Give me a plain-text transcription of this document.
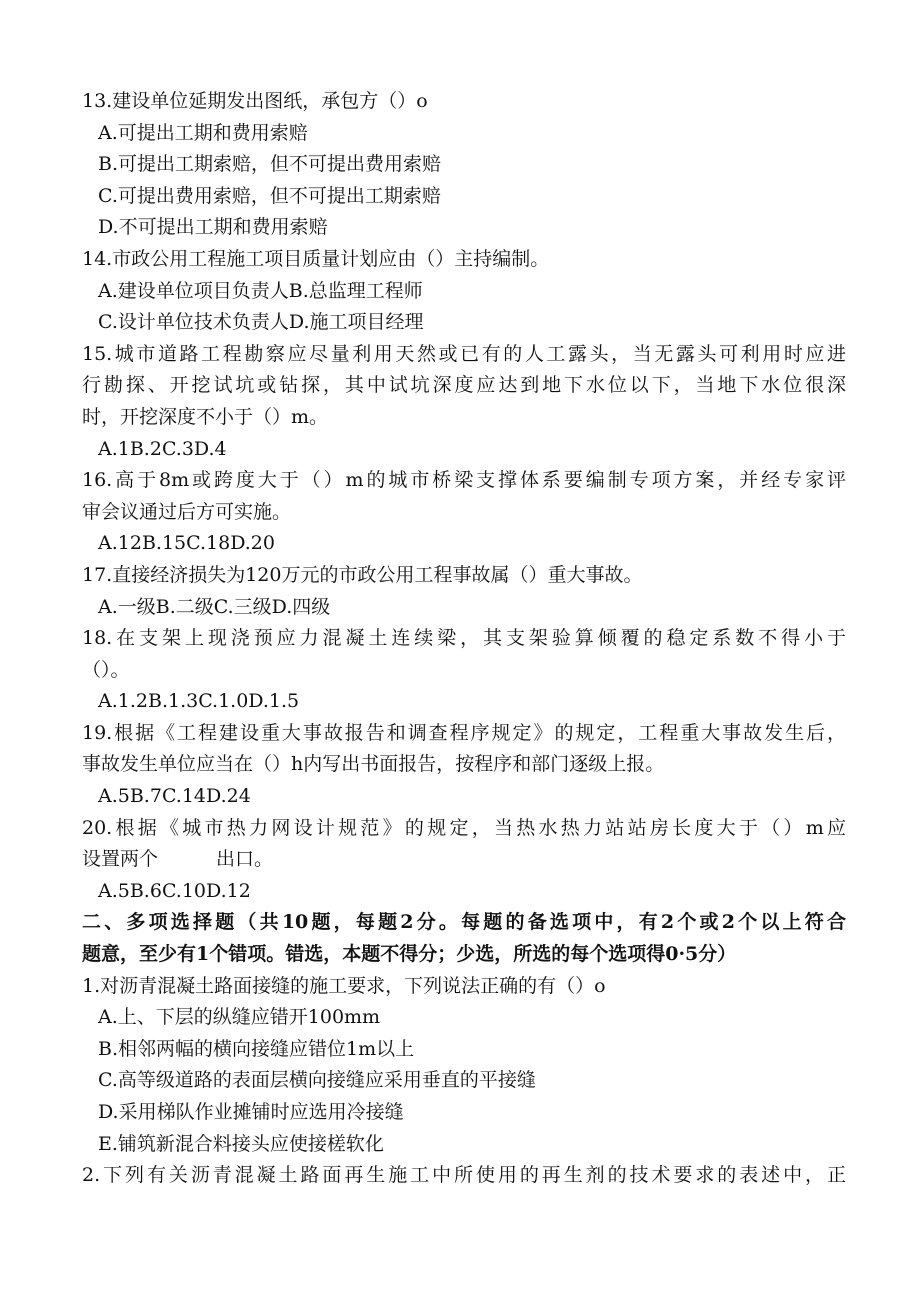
13.建设单位延期发出图纸，承包方（）o
A.可提出工期和费用索赔
B.可提出工期索赔，但不可提出费用索赔
C.可提出费用索赔，但不可提出工期索赔
D.不可提出工期和费用索赔
14.市政公用工程施工项目质量计划应由（）主持编制。
A.建设单位项目负责人B.总监理工程师
C.设计单位技术负责人D.施工项目经理
15.城市道路工程勘察应尽量利用天然或已有的人工露头，当无露头可利用时应进
行勘探、开挖试坑或钻探，其中试坑深度应达到地下水位以下，当地下水位很深
时，开挖深度不小于（）m。
A.1B.2C.3D.4
16.高于8m或跨度大于（）m的城市桥梁支撑体系要编制专项方案，并经专家评
审会议通过后方可实施。
A.12B.15C.18D.20
17.直接经济损失为120万元的市政公用工程事故属（）重大事故。
A.一级B.二级C.三级D.四级
18.在支架上现浇预应力混凝土连续梁，其支架验算倾覆的稳定系数不得小于
（）。
A.1.2B.1.3C.1.0D.1.5
19.根据《工程建设重大事故报告和调查程序规定》的规定，工程重大事故发生后，
事故发生单位应当在（）h内写出书面报告，按程序和部门逐级上报。
A.5B.7C.14D.24
20.根据《城市热力网设计规范》的规定，当热水热力站站房长度大于（）m应
设置两个	出口。
A.5B.6C.10D.12
二、多项选择题（共10题，每题2分。每题的备选项中，有2个或2个以上符合
题意，至少有1个错项。错选，本题不得分；少选，所选的每个选项得0·5分）
1.对沥青混凝土路面接缝的施工要求，下列说法正确的有（）o
A.上、下层的纵缝应错开100mm
B.相邻两幅的横向接缝应错位1m以上
C.高等级道路的表面层横向接缝应采用垂直的平接缝
D.采用梯队作业摊铺时应选用冷接缝
E.铺筑新混合料接头应使接槎软化
2.下列有关沥青混凝土路面再生施工中所使用的再生剂的技术要求的表述中，正
